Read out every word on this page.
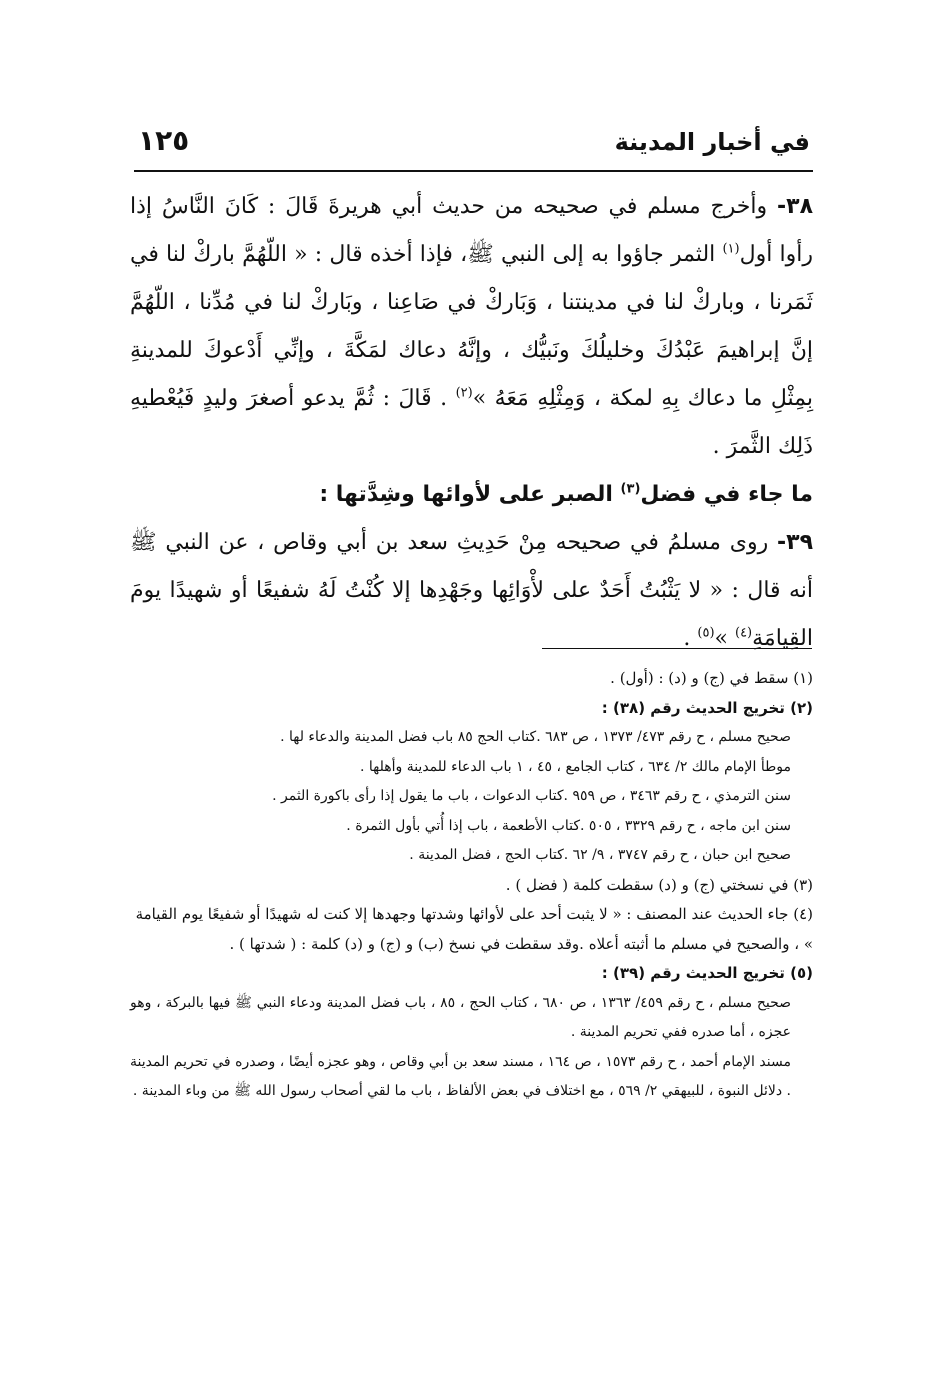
في أخبار المدينة
١٢٥

٣٨- وأخرج مسلم في صحيحه من حديث أبي هريرةَ قَالَ : كَانَ النَّاسُ إذا رأوا أول$^{(١)}$ الثمر جاؤوا به إلى النبي ﷺ، فإذا أخذه قال : « اللّهُمَّ باركْ لنا في ثَمَرنا ، وباركْ لنا في مدينتنا ، وَبَاركْ في صَاعِنا ، وبَاركْ لنا في مُدِّنا ، اللّهُمَّ إنَّ إبراهيمَ عَبْدُكَ وخليلُكَ ونَبيُّك ، وإنَّهُ دعاك لمَكَّةَ ، وإنِّي أَدْعوكَ للمدينةِ بِمِثْلِ ما دعاك بِهِ لمكة ، وَمِثْلِهِ مَعَهُ »$^{(٢)}$ . قَالَ : ثُمَّ يدعو أصغرَ وليدٍ فَيُعْطيهِ ذَلِك الثَّمرَ .

ما جاء في فضل$^{(٣)}$ الصبر على لأوائها وشِدَّتها :

٣٩- روى مسلمُ في صحيحه مِنْ حَدِيثِ سعد بن أبي وقاص ، عن النبي ﷺ أنه قال : « لا يَثْبُتُ أَحَدٌ على لأْوَائِها وجَهْدِها إلا كُنْتُ لَهُ شفيعًا أو شهيدًا يومَ القِيامَةِ$^{(٤)}$ »$^{(٥)}$ .

(١) سقط في (ج) و (د) : (أول) .

(٢) تخريج الحديث رقم (٣٨) :

صحيح مسلم ، ح رقم ٤٧٣/ ١٣٧٣ ، ص ٦٨٣ .كتاب الحج ٨٥ باب فضل المدينة والدعاء لها .

موطأ الإمام مالك ٢/ ٦٣٤ ، كتاب الجامع ، ٤٥ ، ١ باب الدعاء للمدينة وأهلها .

سنن الترمذي ، ح رقم ٣٤٦٣ ، ص ٩٥٩ .كتاب الدعوات ، باب ما يقول إذا رأى باكورة الثمر .

سنن ابن ماجه ، ح رقم ٣٣٢٩ ، ٥٠٥ .كتاب الأطعمة ، باب إذا أُتي بأول الثمرة .

صحيح ابن حبان ، ح رقم ٣٧٤٧ ، ٩/ ٦٢ .كتاب الحج ، فضل المدينة .

(٣) في نسختي (ج) و (د) سقطت كلمة ( فضل ) .

(٤) جاء الحديث عند المصنف : « لا يثبت أحد على لأوائها وشدتها وجهدها إلا كنت له شهيدًا أو شفيعًا يوم القيامة » ، والصحيح في مسلم ما أثبته أعلاه .وقد سقطت في نسخ (ب) و (ج) و (د) كلمة : ( شدتها ) .

(٥) تخريج الحديث رقم (٣٩) :

صحيح مسلم ، ح رقم ٤٥٩/ ١٣٦٣ ، ص ٦٨٠ ، كتاب الحج ، ٨٥ ، باب فضل المدينة ودعاء النبي ﷺ فيها بالبركة ، وهو عجزه ، أما صدره ففي تحريم المدينة .

مسند الإمام أحمد ، ح رقم ١٥٧٣ ، ص ١٦٤ ، مسند سعد بن أبي وقاص ، وهو عجزه أيضًا ، وصدره في تحريم المدينة . دلائل النبوة ، للبيهقي ٢/ ٥٦٩ ، مع اختلاف في بعض الألفاظ ، باب ما لقي أصحاب رسول الله ﷺ من وباء المدينة .
